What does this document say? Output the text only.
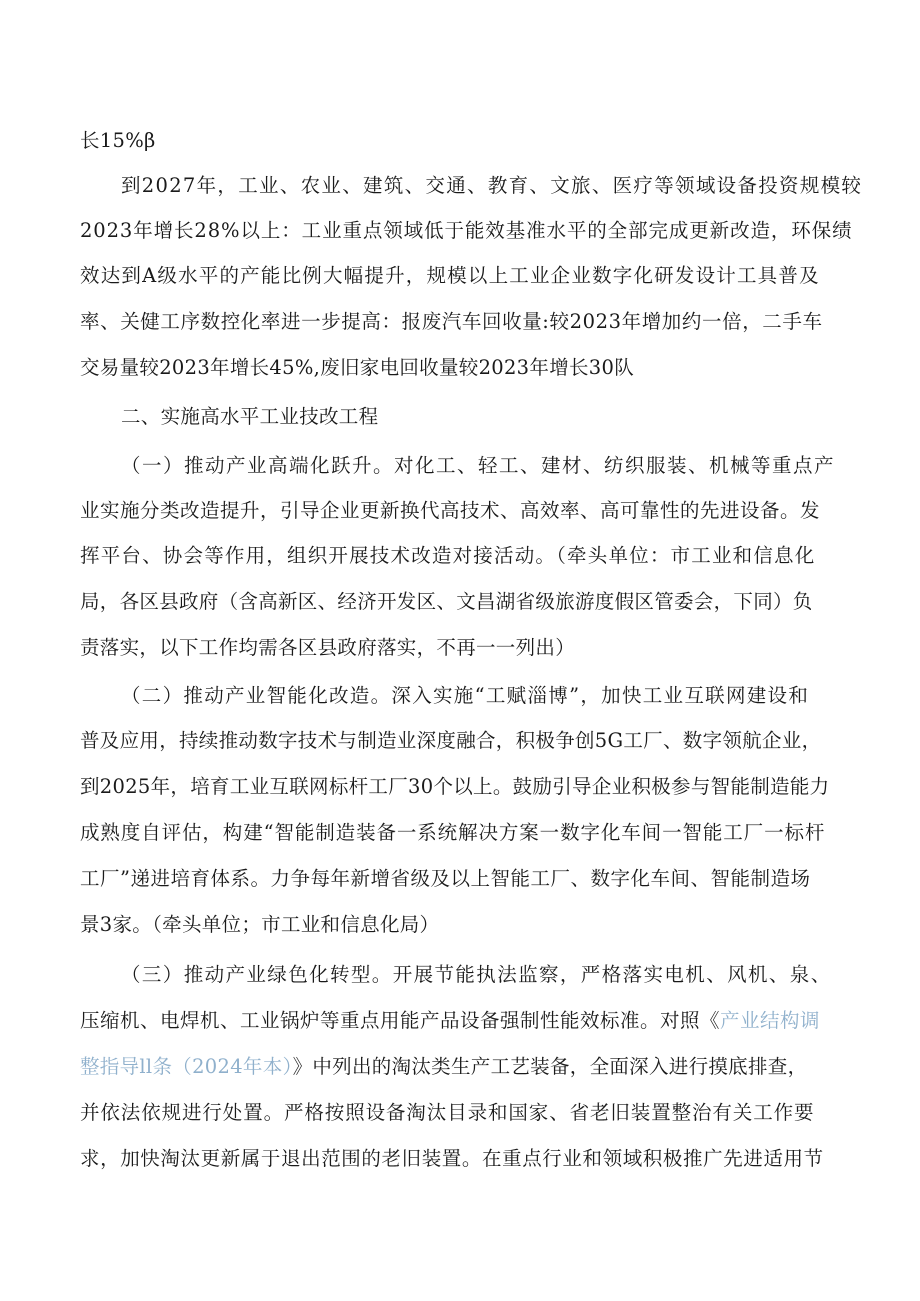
长15%β
到2027年，工业、农业、建筑、交通、教育、文旅、医疗等领域设备投资规模较
2023年增长28%以上：工业重点领域低于能效基准水平的全部完成更新改造，环保绩
效达到A级水平的产能比例大幅提升，规模以上工业企业数字化研发设计工具普及
率、关健工序数控化率进一步提高：报废汽车回收量:较2023年增加约一倍，二手车
交易量较2023年增长45%,废旧家电回收量较2023年增长30队
二、实施高水平工业技改工程
（一）推动产业高端化跃升。对化工、轻工、建材、纺织服装、机械等重点产
业实施分类改造提升，引导企业更新换代高技术、高效率、高可靠性的先进设备。发
挥平台、协会等作用，组织开展技术改造对接活动。（牵头单位：市工业和信息化
局，各区县政府（含高新区、经济开发区、文昌湖省级旅游度假区管委会，下同）负
责落实，以下工作均需各区县政府落实，不再一一列出）
（二）推动产业智能化改造。深入实施“工赋淄博”，加快工业互联网建设和
普及应用，持续推动数字技术与制造业深度融合，积极争创5G工厂、数字领航企业，
到2025年，培育工业互联网标杆工厂30个以上。鼓励引导企业积极参与智能制造能力
成熟度自评估，构建“智能制造装备一系统解决方案一数字化车间一智能工厂一标杆
工厂”递进培育体系。力争每年新增省级及以上智能工厂、数字化车间、智能制造场
景3家。（牵头单位；市工业和信息化局）
（三）推动产业绿色化转型。开展节能执法监察，严格落实电机、风机、泉、
压缩机、电焊机、工业锅炉等重点用能产品设备强制性能效标准。对照《产业结构调
整指导ll条（2024年本）》中列出的淘汰类生产工艺装备，全面深入进行摸底排查，
并依法依规进行处置。严格按照设备淘汰目录和国家、省老旧装置整治有关工作要
求，加快淘汰更新属于退出范围的老旧装置。在重点行业和领域积极推广先进适用节
